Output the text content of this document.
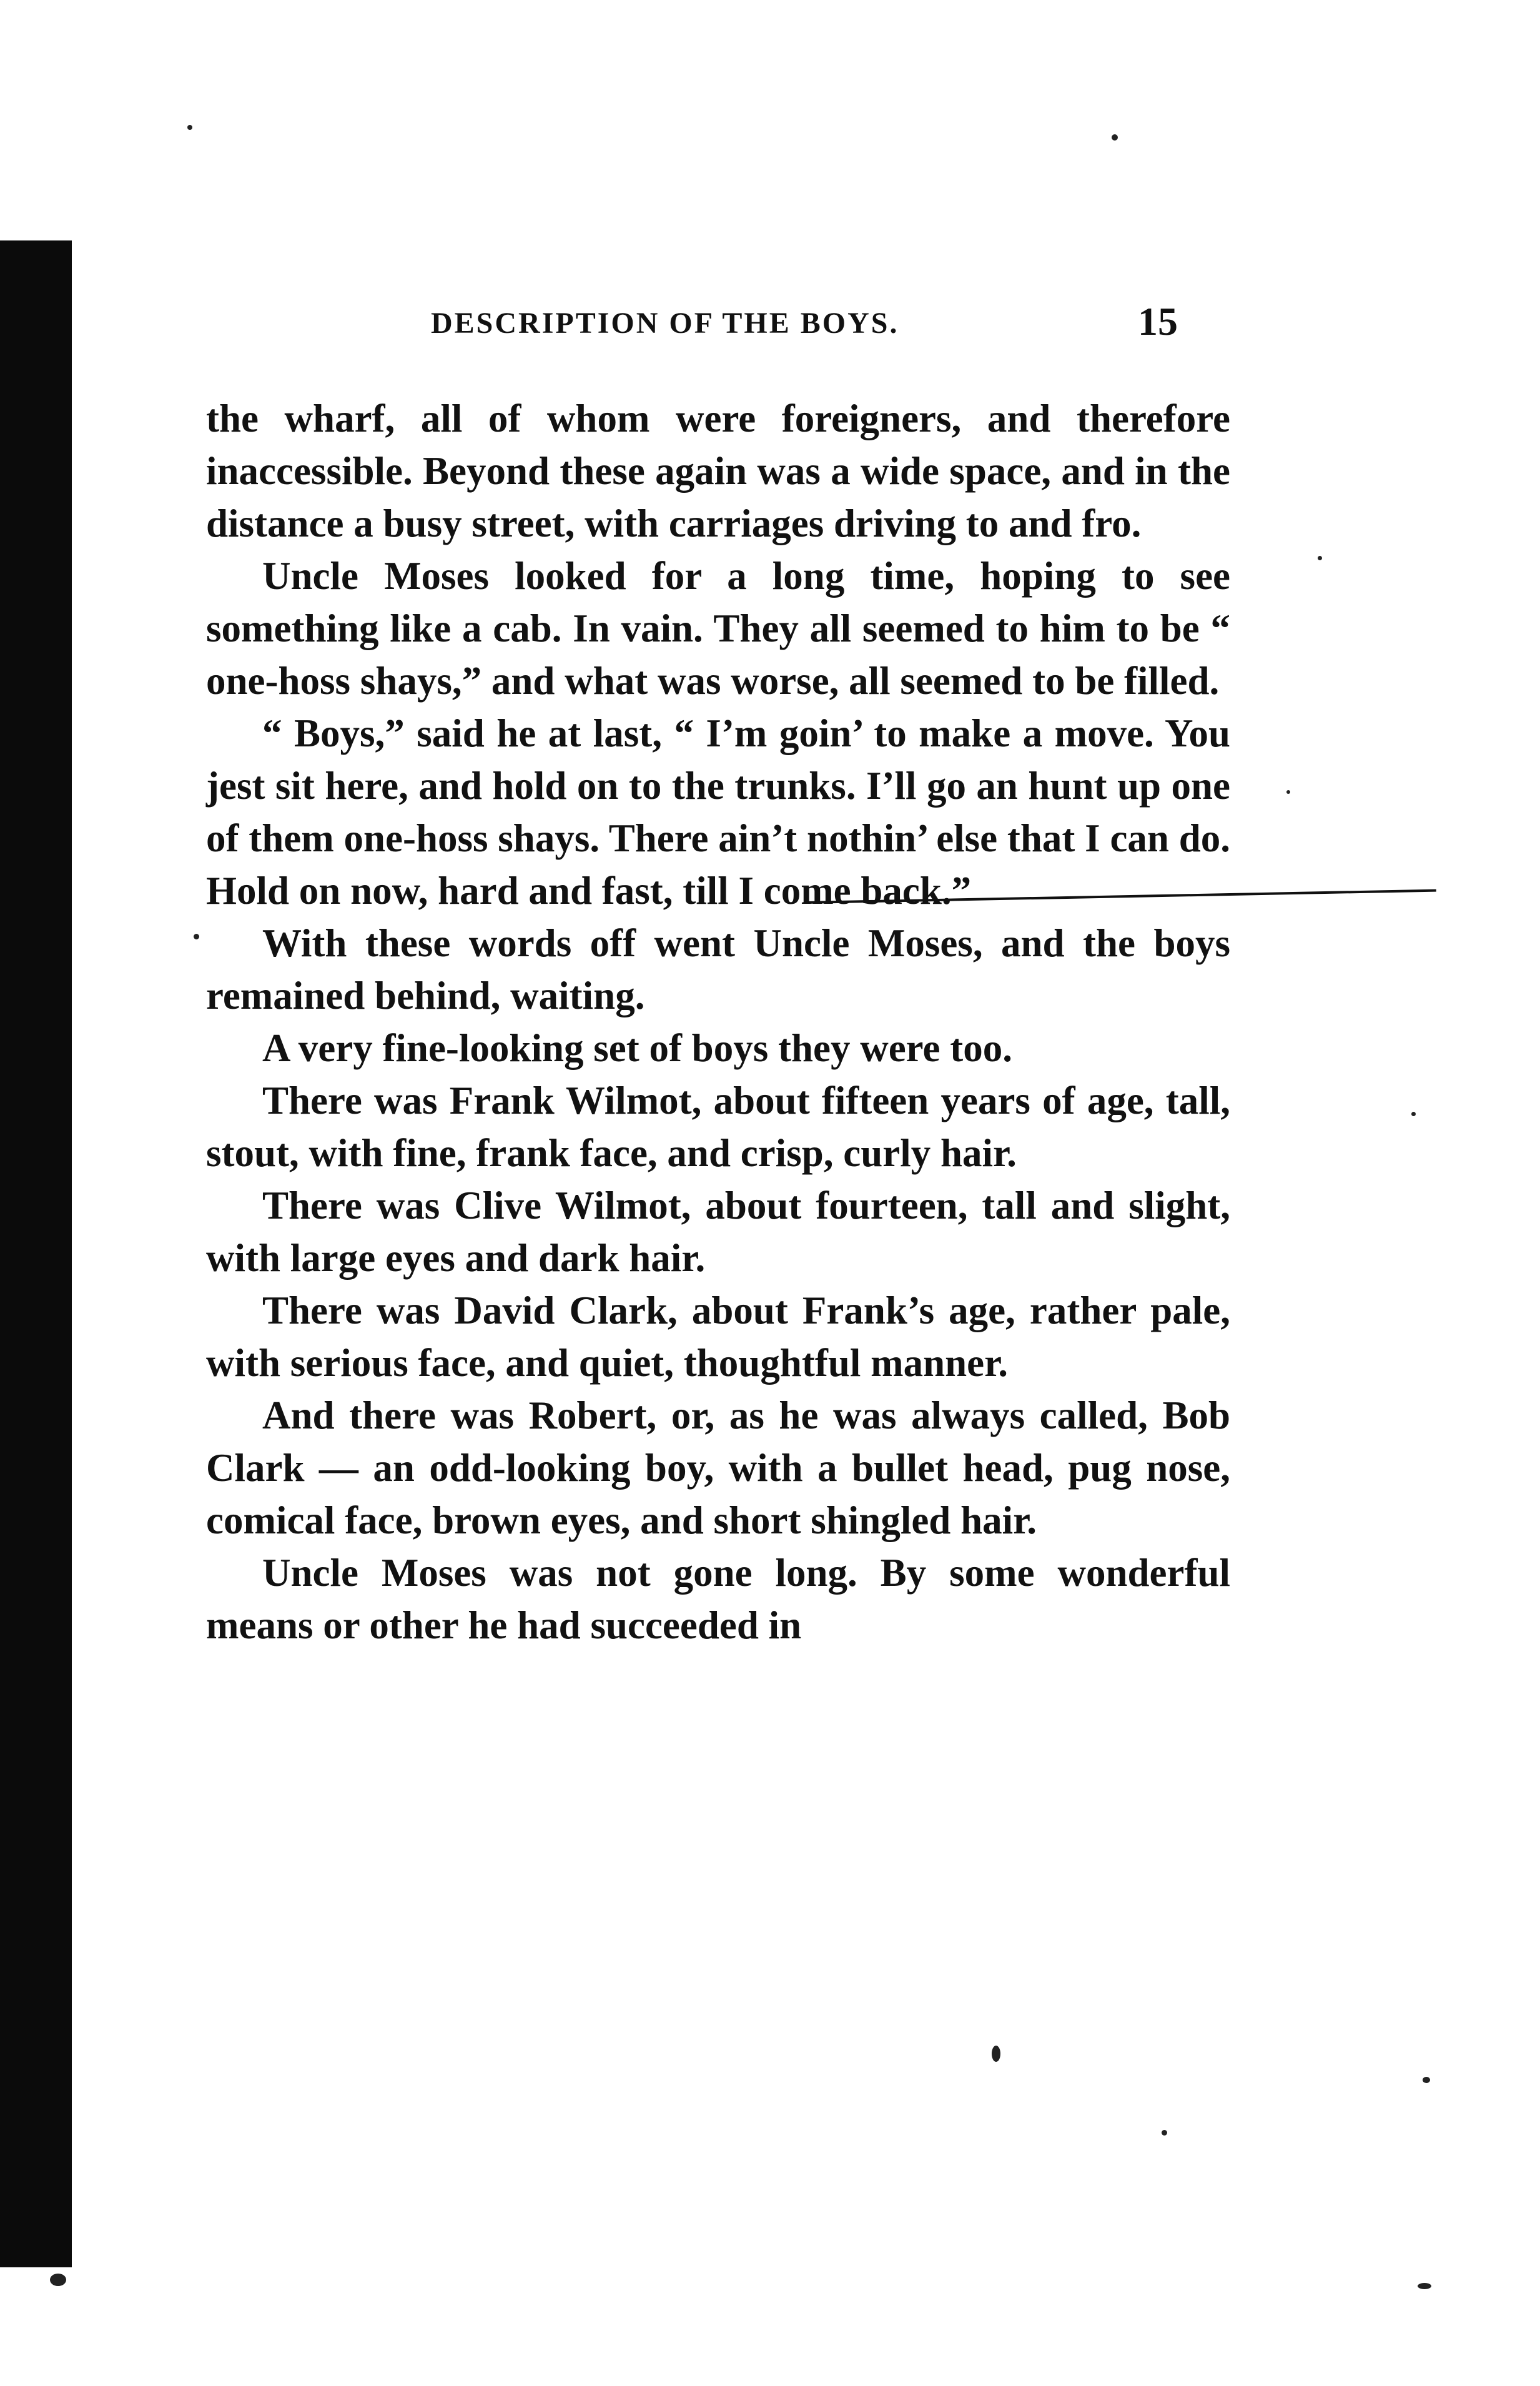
DESCRIPTION OF THE BOYS.	15

the wharf, all of whom were foreigners, and therefore inaccessible. Beyond these again was a wide space, and in the distance a busy street, with carriages driving to and fro.

Uncle Moses looked for a long time, hoping to see something like a cab. In vain. They all seemed to him to be “ one-hoss shays,” and what was worse, all seemed to be filled.

“ Boys,” said he at last, “ I’m goin’ to make a move. You jest sit here, and hold on to the trunks. I’ll go an hunt up one of them one-hoss shays. There ain’t nothin’ else that I can do. Hold on now, hard and fast, till I come back.”

With these words off went Uncle Moses, and the boys remained behind, waiting.

A very fine-looking set of boys they were too.

There was Frank Wilmot, about fifteen years of age, tall, stout, with fine, frank face, and crisp, curly hair.

There was Clive Wilmot, about fourteen, tall and slight, with large eyes and dark hair.

There was David Clark, about Frank’s age, rather pale, with serious face, and quiet, thoughtful manner.

And there was Robert, or, as he was always called, Bob Clark — an odd-looking boy, with a bullet head, pug nose, comical face, brown eyes, and short shingled hair.

Uncle Moses was not gone long. By some wonderful means or other he had succeeded in
